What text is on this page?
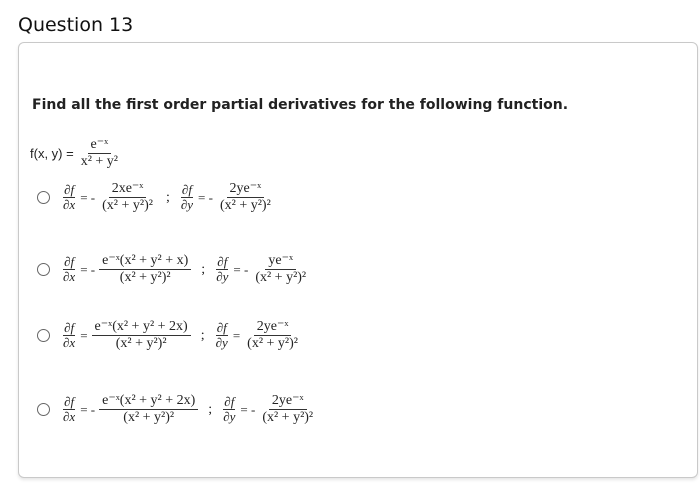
Question 13

Find all the first order partial derivatives for the following function.

f(x, $y) = \frac{\text{e⁻ˣ}}{\text{x² + y²}}$
$\frac{\partial f}{\partial x}$ = - $\frac{\text{2xe⁻ˣ}}{\text{(x² + y²)²}}$ ; $\frac{\partial f}{\partial y}$ = - $\frac{\text{2ye⁻ˣ}}{\text{(x² + y²)²}}$
$\frac{\partial f}{\partial x}$ = - $\frac{\text{e⁻ˣ(x² + y² + x)}}{\text{(x² + y²)²}}$ ; $\frac{\partial f}{\partial y}$ = - $\frac{\text{ye⁻ˣ}}{\text{(x² + y²)²}}$
$\frac{\partial f}{\partial x} = \frac{\text{e⁻ˣ(x² + y² + 2x)}}{\text{(x² + y²)²}}$ ; $\frac{\partial f}{\partial y} = \frac{\text{2ye⁻ˣ}}{\text{(x² + y²)²}}$
$\frac{\partial f}{\partial x}$ = - $\frac{\text{e⁻ˣ(x² + y² + 2x)}}{\text{(x² + y²)²}}$ ; $\frac{\partial f}{\partial y}$ = - $\frac{\text{2ye⁻ˣ}}{\text{(x² + y²)²}}$
